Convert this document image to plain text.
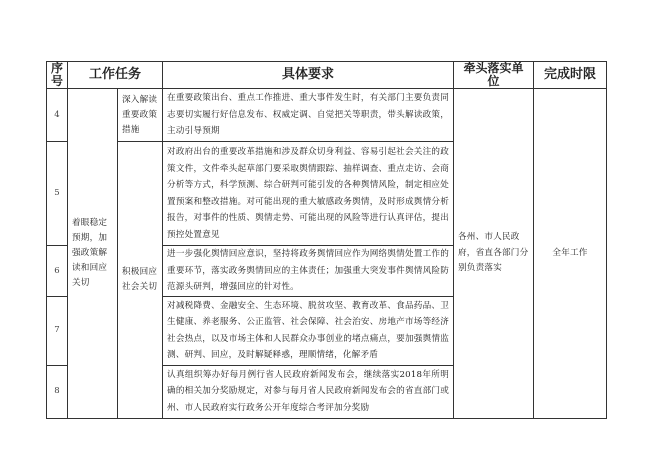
序号	工作任务		具体要求	牵头落实单　位	完成时限
4	着眼稳定预期，加强政策解读和回应关切	深入解读重要政策措施	在重要政策出台、重点工作推进、重大事件发生时，有关部门主要负责同志要切实履行好信息发布、权威定调、自觉把关等职责，带头解读政策，主动引导预期	各州、市人民政府，省直各部门分别负责落实	全年工作
5		积极回应社会关切	对政府出台的重要改革措施和涉及群众切身利益、容易引起社会关注的政策文件，文件牵头起草部门要采取舆情跟踪、抽样调查、重点走访、会商分析等方式，科学预测、综合研判可能引发的各种舆情风险，制定相应处置预案和整改措施。对可能出现的重大敏感政务舆情，及时形成舆情分析报告，对事件的性质、舆情走势、可能出现的风险等进行认真评估，提出预控处置意见		
6			进一步强化舆情回应意识，坚持将政务舆情回应作为网络舆情处置工作的重要环节，落实政务舆情回应的主体责任；加强重大突发事件舆情风险防范源头研判，增强回应的针对性。		
7			对减税降费、金融安全、生态环境、脱贫攻坚、教育改革、食品药品、卫生健康、养老服务、公正监管、社会保障、社会治安、房地产市场等经济社会热点，以及市场主体和人民群众办事创业的堵点痛点，要加强舆情监测、研判、回应，及时解疑释惑，理顺情绪，化解矛盾		
8			认真组织筹办好每月例行省人民政府新闻发布会，继续落实2018年所明确的相关加分奖励规定，对参与每月省人民政府新闻发布会的省直部门或州、市人民政府实行政务公开年度综合考评加分奖励		
